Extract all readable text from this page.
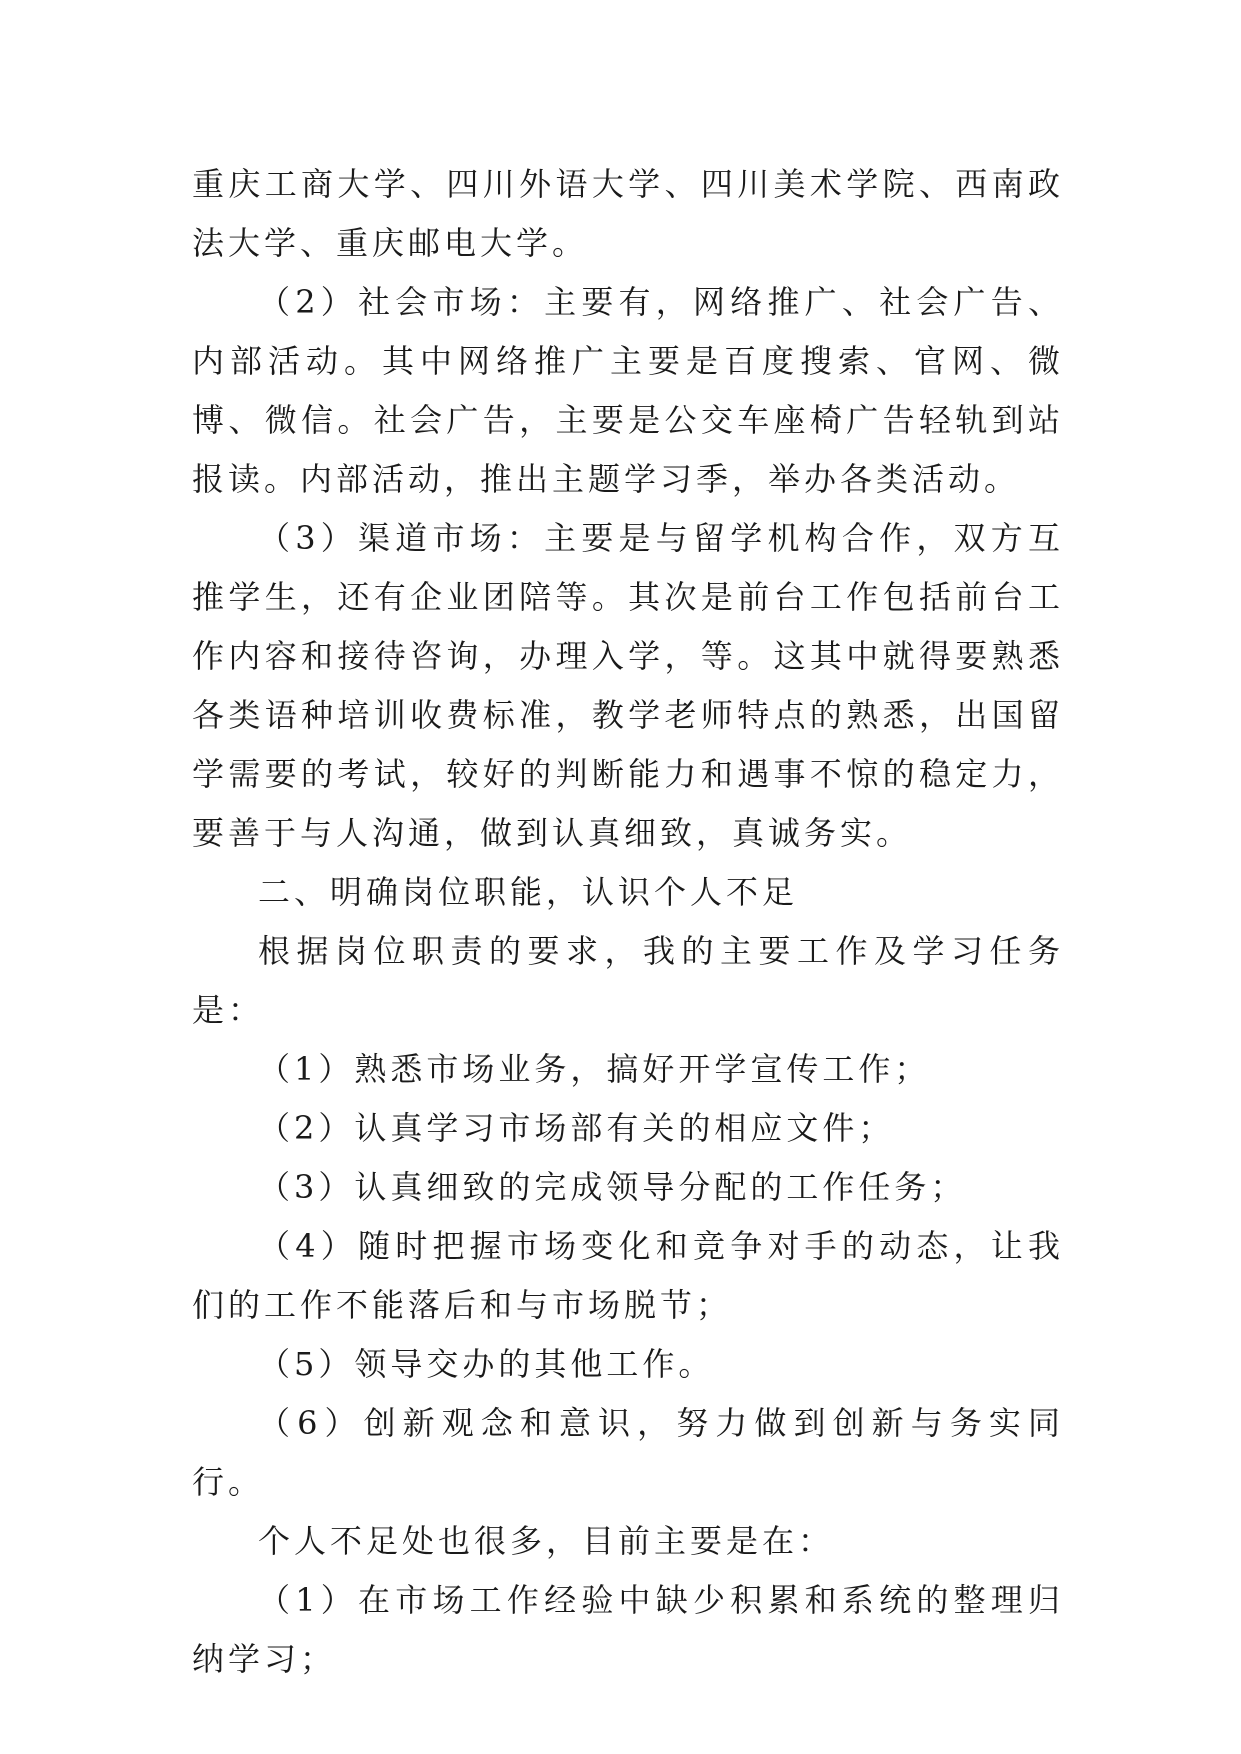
重庆工商大学、四川外语大学、四川美术学院、西南政法大学、重庆邮电大学。

（2）社会市场：主要有，网络推广、社会广告、内部活动。其中网络推广主要是百度搜索、官网、微博、微信。社会广告，主要是公交车座椅广告轻轨到站报读。内部活动，推出主题学习季，举办各类活动。

（3）渠道市场：主要是与留学机构合作，双方互推学生，还有企业团陪等。其次是前台工作包括前台工作内容和接待咨询，办理入学，等。这其中就得要熟悉各类语种培训收费标准，教学老师特点的熟悉，出国留学需要的考试，较好的判断能力和遇事不惊的稳定力，要善于与人沟通，做到认真细致，真诚务实。

二、明确岗位职能，认识个人不足

根据岗位职责的要求，我的主要工作及学习任务是：

（1）熟悉市场业务，搞好开学宣传工作；

（2）认真学习市场部有关的相应文件；

（3）认真细致的完成领导分配的工作任务；

（4）随时把握市场变化和竞争对手的动态，让我们的工作不能落后和与市场脱节；

（5）领导交办的其他工作。

（6）创新观念和意识，努力做到创新与务实同行。

个人不足处也很多，目前主要是在：

（1）在市场工作经验中缺少积累和系统的整理归纳学习；
